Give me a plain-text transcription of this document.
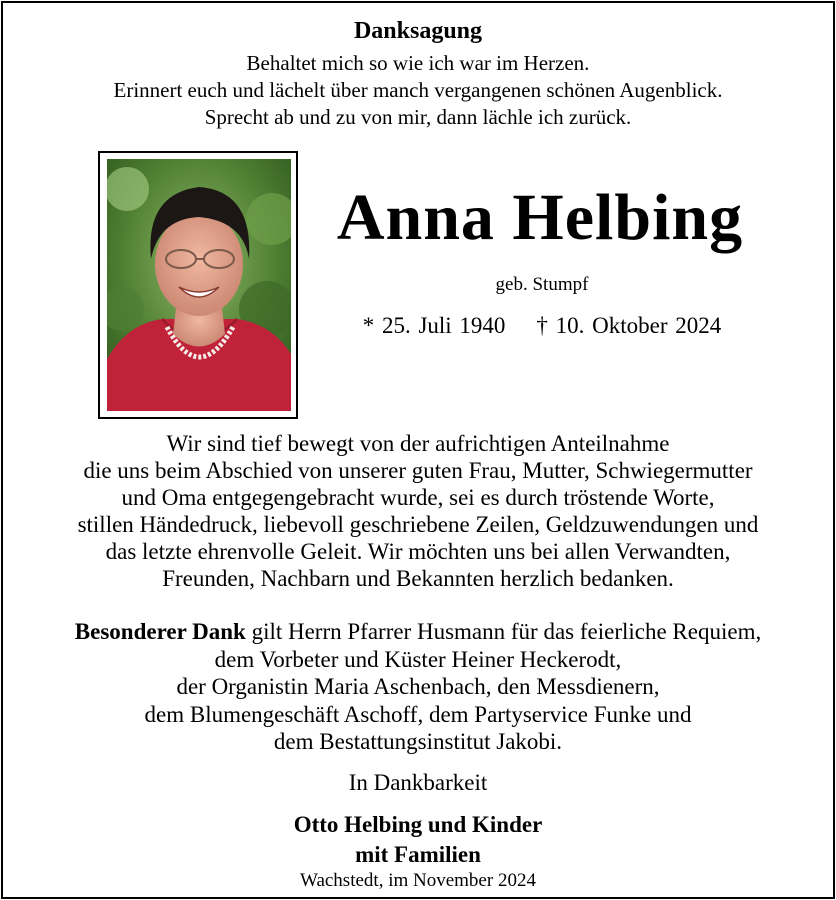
Danksagung
Behaltet mich so wie ich war im Herzen.
Erinnert euch und lächelt über manch vergangenen schönen Augenblick.
Sprecht ab und zu von mir, dann lächle ich zurück.
Anna Helbing
geb. Stumpf
* 25. Juli 1940 † 10. Oktober 2024
Wir sind tief bewegt von der aufrichtigen Anteilnahme
die uns beim Abschied von unserer guten Frau, Mutter, Schwiegermutter
und Oma entgegengebracht wurde, sei es durch tröstende Worte,
stillen Händedruck, liebevoll geschriebene Zeilen, Geldzuwendungen und
das letzte ehrenvolle Geleit. Wir möchten uns bei allen Verwandten,
Freunden, Nachbarn und Bekannten herzlich bedanken.
Besonderer Dank gilt Herrn Pfarrer Husmann für das feierliche Requiem,
dem Vorbeter und Küster Heiner Heckerodt,
der Organistin Maria Aschenbach, den Messdienern,
dem Blumengeschäft Aschoff, dem Partyservice Funke und
dem Bestattungsinstitut Jakobi.
In Dankbarkeit
Otto Helbing und Kinder
mit Familien
Wachstedt, im November 2024
